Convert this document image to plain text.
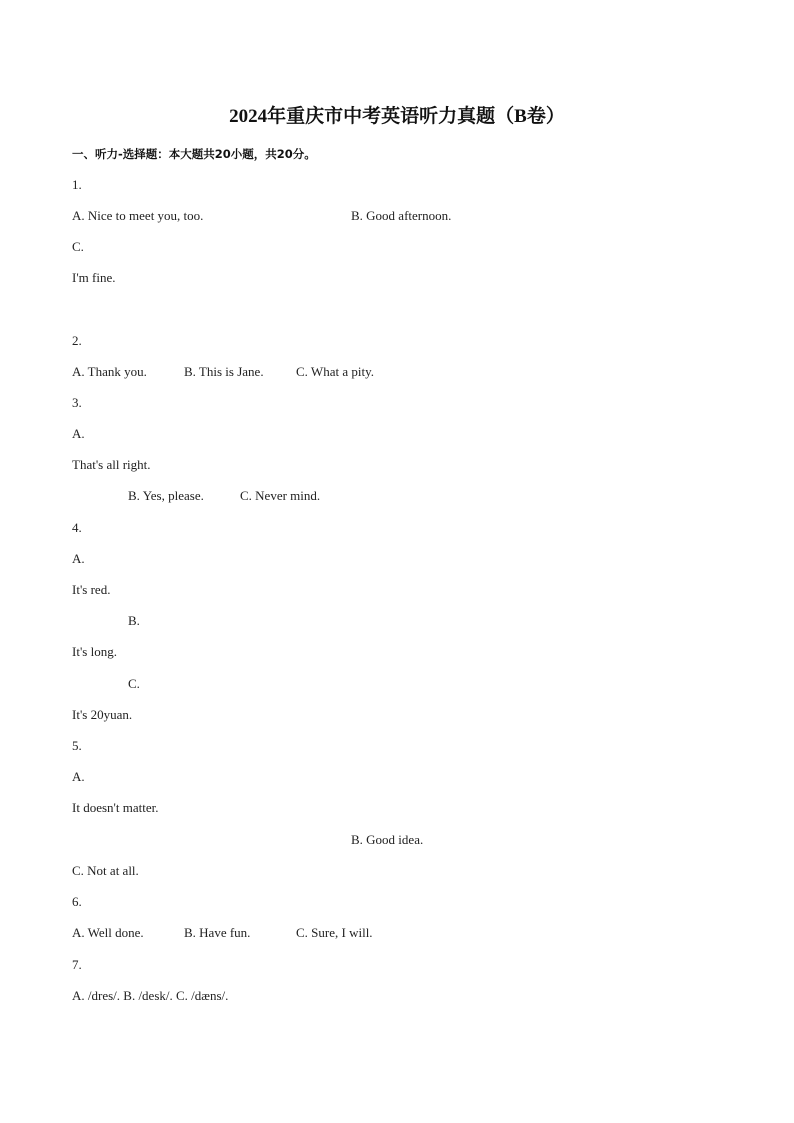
2024年重庆市中考英语听力真题（B卷）
一、听力-选择题：本大题共20小题，共20分。
1.
A. Nice to meet you, too.	B. Good afternoon.
C.
I'm fine.
2.
A. Thank you.	B. This is Jane. C. What a pity.
3.
A.
That's all right.
B. Yes, please.	C. Never mind.
4.
A.
It's red.
B.
It's long.
C.
It's 20yuan.
5.
A.
It doesn't matter.
B. Good idea.
C. Not at all.
6.
A. Well done.	B. Have fun.	C. Sure, I will.
7.
A. /dres/. B. /desk/. C. /dæns/.
